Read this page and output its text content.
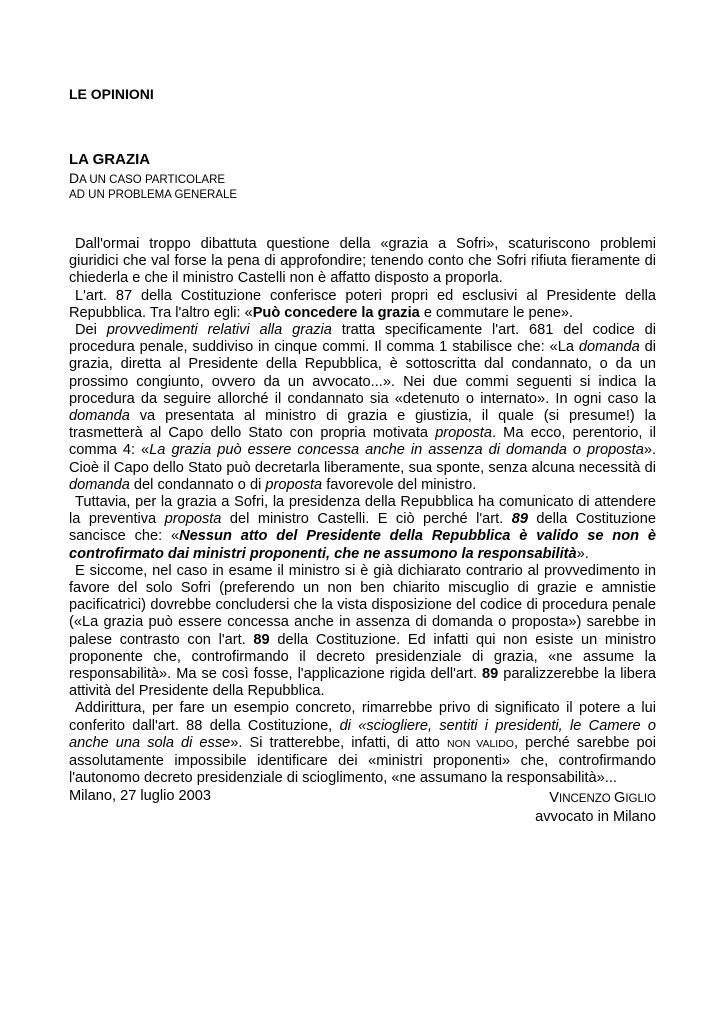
LE OPINIONI
LA GRAZIA
DA UN CASO PARTICOLARE
AD UN PROBLEMA GENERALE

Dall'ormai troppo dibattuta questione della «grazia a Sofri», scaturiscono problemi giuridici che val forse la pena di approfondire; tenendo conto che Sofri rifiuta fieramente di chiederla e che il ministro Castelli non è affatto disposto a proporla.

L'art. 87 della Costituzione conferisce poteri propri ed esclusivi al Presidente della Repubblica. Tra l'altro egli: «Può concedere la grazia e commutare le pene».

Dei provvedimenti relativi alla grazia tratta specificamente l'art. 681 del codice di procedura penale, suddiviso in cinque commi. Il comma 1 stabilisce che: «La domanda di grazia, diretta al Presidente della Repubblica, è sottoscritta dal condannato, o da un prossimo congiunto, ovvero da un avvocato...». Nei due commi seguenti si indica la procedura da seguire allorché il condannato sia «detenuto o internato». In ogni caso la domanda va presentata al ministro di grazia e giustizia, il quale (si presume!) la trasmetterà al Capo dello Stato con propria motivata proposta. Ma ecco, perentorio, il comma 4: «La grazia può essere concessa anche in assenza di domanda o proposta». Cioè il Capo dello Stato può decretarla liberamente, sua sponte, senza alcuna necessità di domanda del condannato o di proposta favorevole del ministro.

Tuttavia, per la grazia a Sofri, la presidenza della Repubblica ha comunicato di attendere la preventiva proposta del ministro Castelli. E ciò perché l'art. 89 della Costituzione sancisce che: «Nessun atto del Presidente della Repubblica è valido se non è controfirmato dai ministri proponenti, che ne assumono la responsabilità».

E siccome, nel caso in esame il ministro si è già dichiarato contrario al provvedimento in favore del solo Sofri (preferendo un non ben chiarito miscuglio di grazie e amnistie pacificatrici) dovrebbe concludersi che la vista disposizione del codice di procedura penale («La grazia può essere concessa anche in assenza di domanda o proposta») sarebbe in palese contrasto con l'art. 89 della Costituzione. Ed infatti qui non esiste un ministro proponente che, controfirmando il decreto presidenziale di grazia, «ne assume la responsabilità». Ma se così fosse, l'applicazione rigida dell'art. 89 paralizzerebbe la libera attività del Presidente della Repubblica.

Addirittura, per fare un esempio concreto, rimarrebbe privo di significato il potere a lui conferito dall'art. 88 della Costituzione, di «sciogliere, sentiti i presidenti, le Camere o anche una sola di esse». Si tratterebbe, infatti, di atto NON VALIDO, perché sarebbe poi assolutamente impossibile identificare dei «ministri proponenti» che, controfirmando l'autonomo decreto presidenziale di scioglimento, «ne assumano la responsabilità»...

Milano, 27 luglio 2003	VINCENZO GIGLIO
avvocato in Milano
